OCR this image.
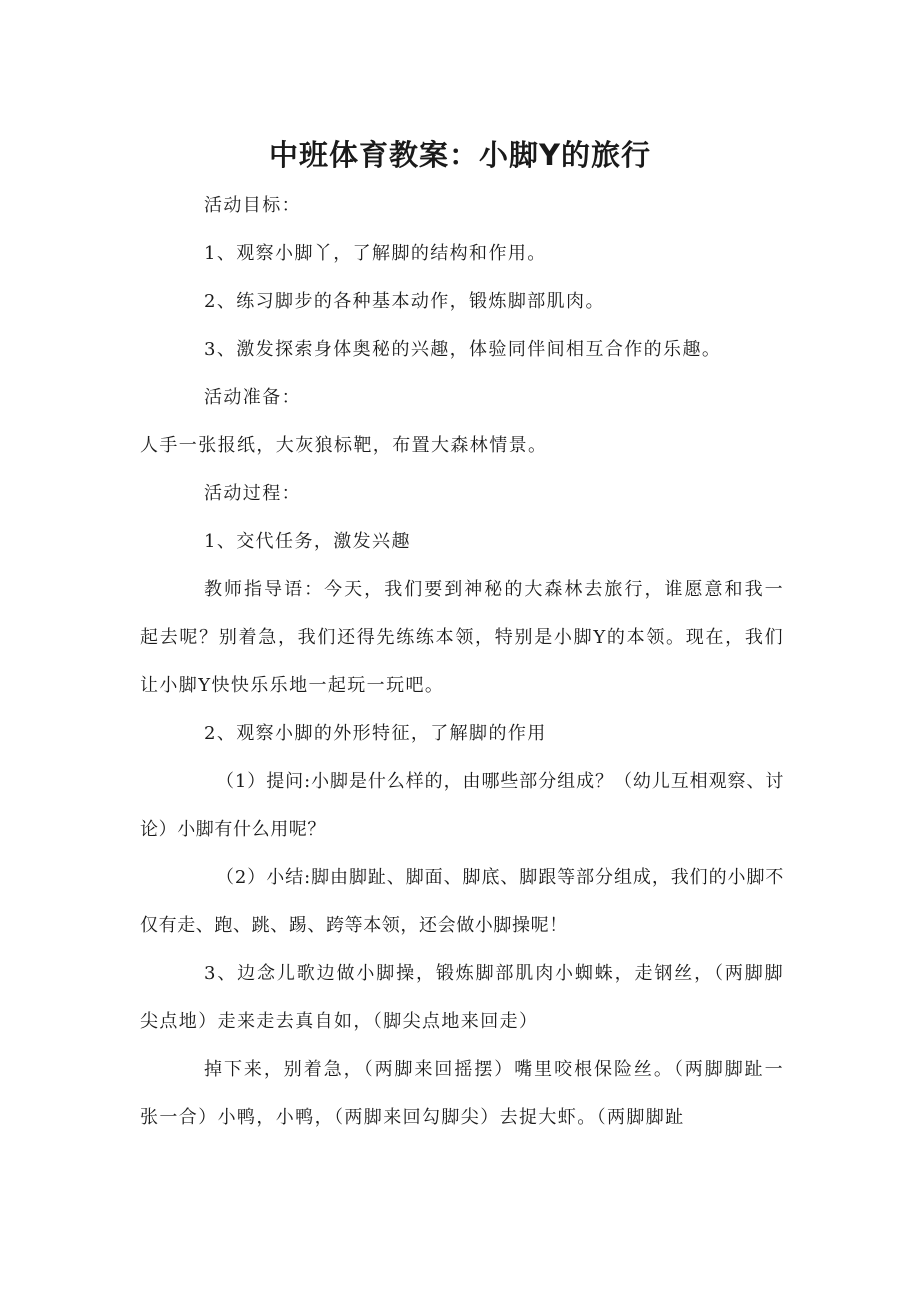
中班体育教案：小脚Y的旅行

活动目标：

1、观察小脚丫，了解脚的结构和作用。

2、练习脚步的各种基本动作，锻炼脚部肌肉。

3、激发探索身体奥秘的兴趣，体验同伴间相互合作的乐趣。

活动准备：

人手一张报纸，大灰狼标靶，布置大森林情景。

活动过程：

1、交代任务，激发兴趣

教师指导语：今天，我们要到神秘的大森林去旅行，谁愿意和我一起去呢？别着急，我们还得先练练本领，特别是小脚Y的本领。现在，我们让小脚Y快快乐乐地一起玩一玩吧。

2、观察小脚的外形特征，了解脚的作用

（1）提问:小脚是什么样的，由哪些部分组成？（幼儿互相观察、讨论）小脚有什么用呢？

（2）小结:脚由脚趾、脚面、脚底、脚跟等部分组成，我们的小脚不仅有走、跑、跳、踢、跨等本领，还会做小脚操呢！

3、边念儿歌边做小脚操，锻炼脚部肌肉小蜘蛛，走钢丝，（两脚脚尖点地）走来走去真自如，（脚尖点地来回走）

掉下来，别着急，（两脚来回摇摆）嘴里咬根保险丝。（两脚脚趾一张一合）小鸭，小鸭，（两脚来回勾脚尖）去捉大虾。（两脚脚趾
